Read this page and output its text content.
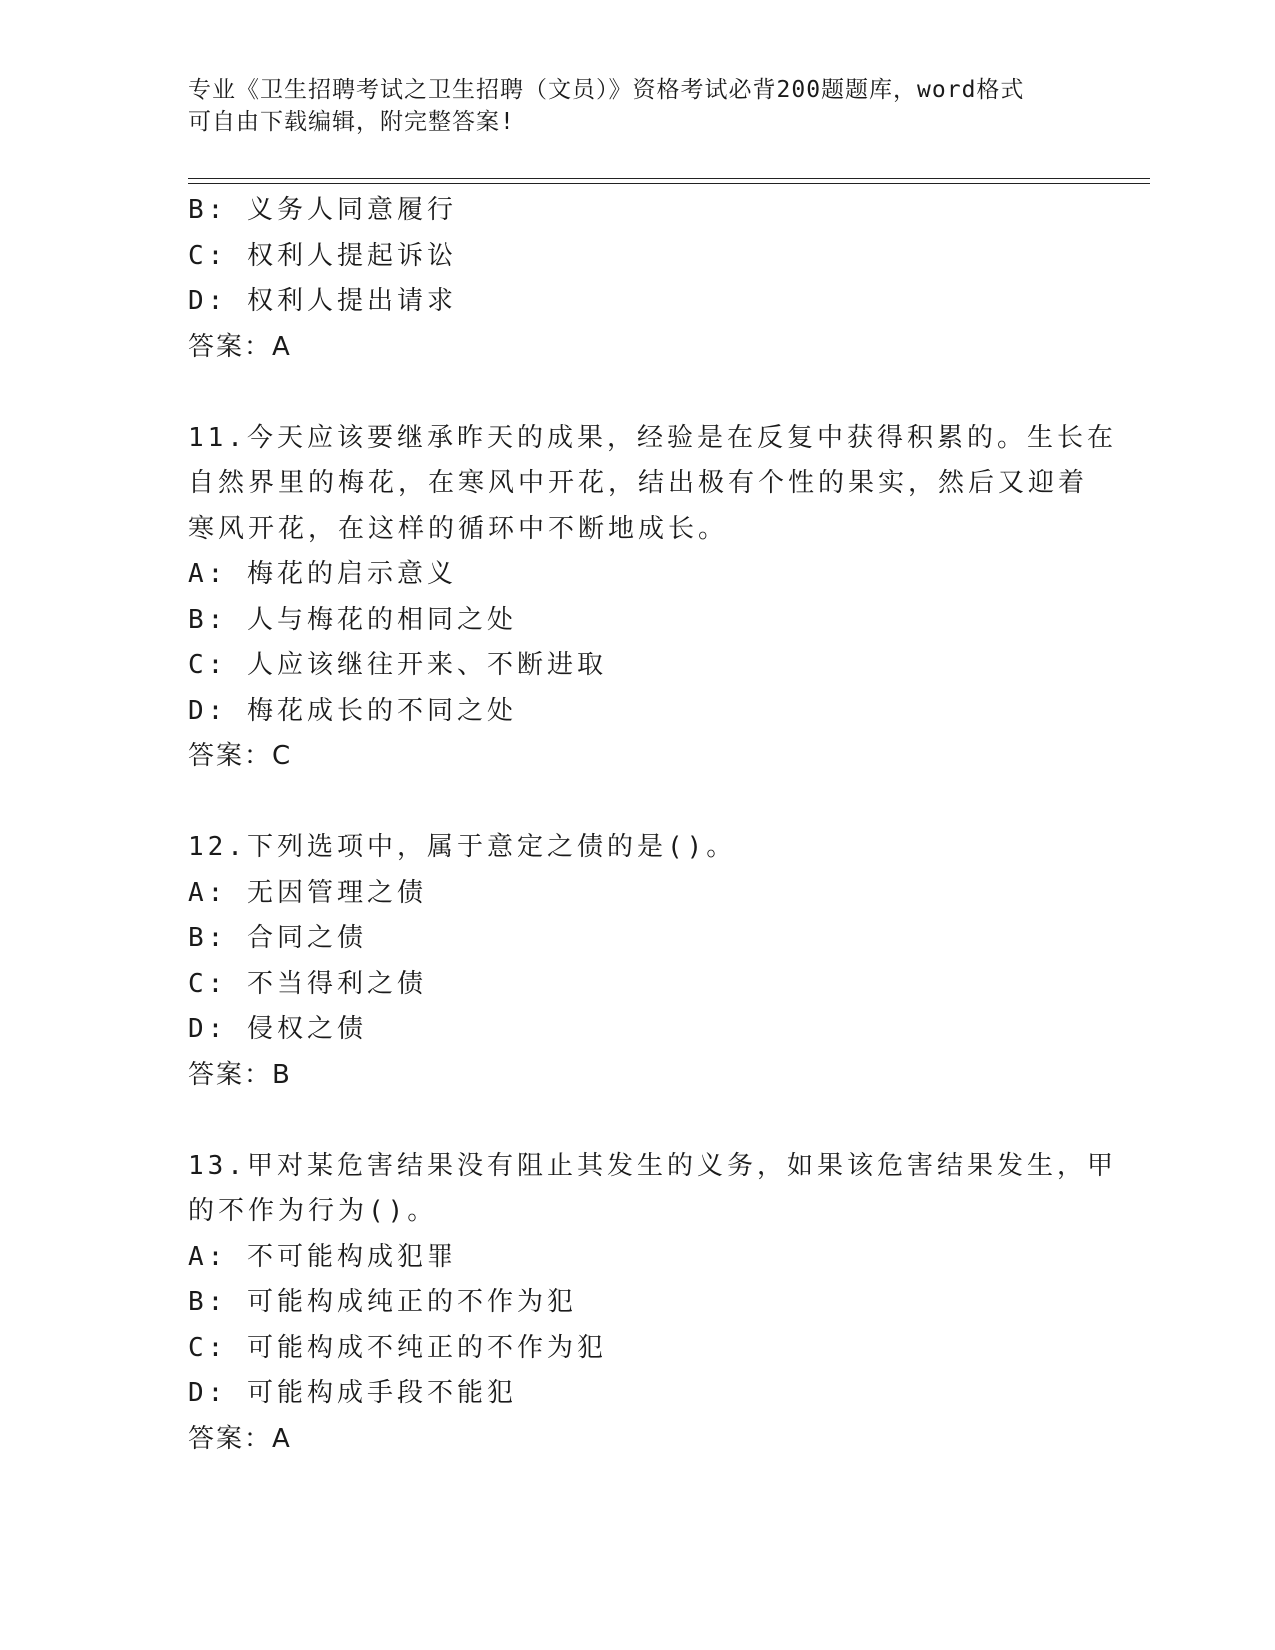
专业《卫生招聘考试之卫生招聘（文员）》资格考试必背200题题库，word格式
可自由下载编辑，附完整答案!
B: 义务人同意履行
C: 权利人提起诉讼
D: 权利人提出请求
答案：A
11.今天应该要继承昨天的成果，经验是在反复中获得积累的。生长在
自然界里的梅花，在寒风中开花，结出极有个性的果实，然后又迎着
寒风开花，在这样的循环中不断地成长。
A: 梅花的启示意义
B: 人与梅花的相同之处
C: 人应该继往开来、不断进取
D: 梅花成长的不同之处
答案：C
12.下列选项中，属于意定之债的是()。
A: 无因管理之债
B: 合同之债
C: 不当得利之债
D: 侵权之债
答案：B
13.甲对某危害结果没有阻止其发生的义务，如果该危害结果发生，甲
的不作为行为()。
A: 不可能构成犯罪
B: 可能构成纯正的不作为犯
C: 可能构成不纯正的不作为犯
D: 可能构成手段不能犯
答案：A
